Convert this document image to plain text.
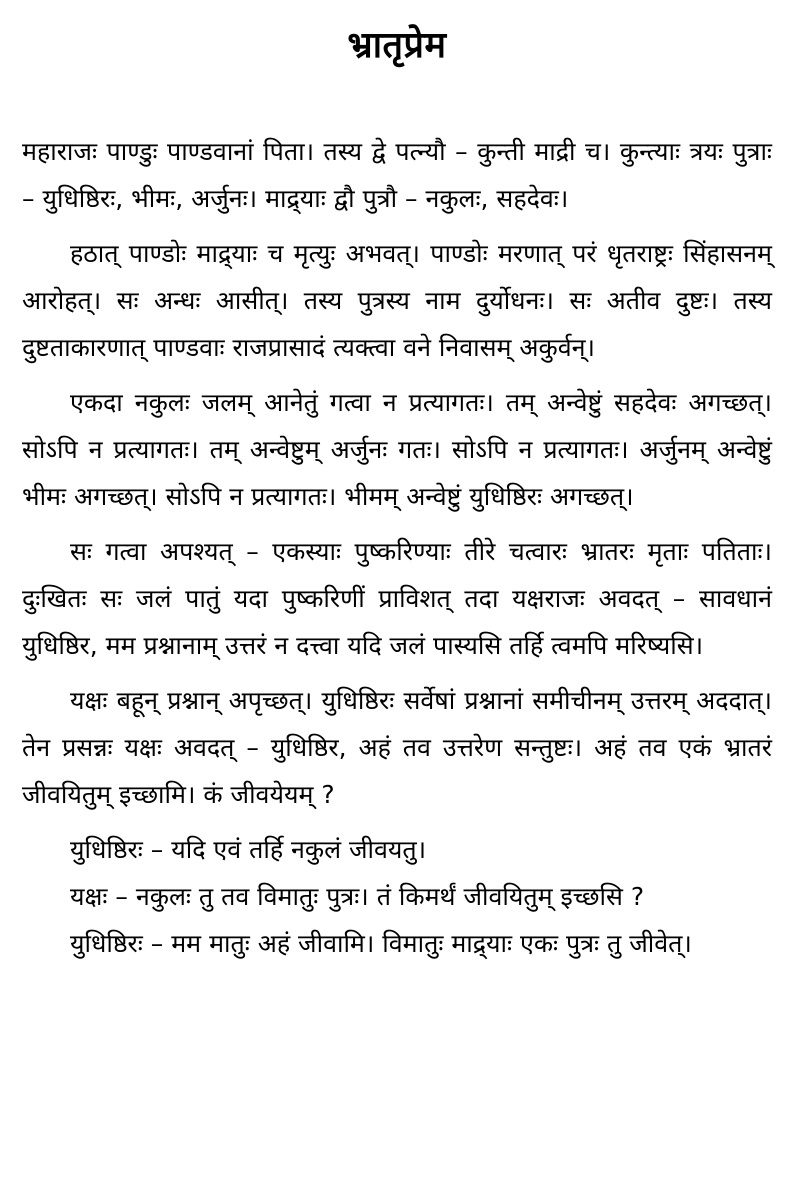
भ्रातृप्रेम

महाराजः पाण्डुः पाण्डवानां पिता। तस्य द्वे पत्न्यौ – कुन्ती माद्री च। कुन्त्याः त्रयः पुत्राः – युधिष्ठिरः, भीमः, अर्जुनः। माद्र्याः द्वौ पुत्रौ – नकुलः, सहदेवः।

हठात् पाण्डोः माद्र्याः च मृत्युः अभवत्। पाण्डोः मरणात् परं धृतराष्ट्रः सिंहासनम् आरोहत्। सः अन्धः आसीत्। तस्य पुत्रस्य नाम दुर्योधनः। सः अतीव दुष्टः। तस्य दुष्टताकारणात् पाण्डवाः राजप्रासादं त्यक्त्वा वने निवासम् अकुर्वन्।

एकदा नकुलः जलम् आनेतुं गत्वा न प्रत्यागतः। तम् अन्वेष्टुं सहदेवः अगच्छत्। सोऽपि न प्रत्यागतः। तम् अन्वेष्टुम् अर्जुनः गतः। सोऽपि न प्रत्यागतः। अर्जुनम् अन्वेष्टुं भीमः अगच्छत्। सोऽपि न प्रत्यागतः। भीमम् अन्वेष्टुं युधिष्ठिरः अगच्छत्।

सः गत्वा अपश्यत् – एकस्याः पुष्करिण्याः तीरे चत्वारः भ्रातरः मृताः पतिताः। दुःखितः सः जलं पातुं यदा पुष्करिणीं प्राविशत् तदा यक्षराजः अवदत् – सावधानं युधिष्ठिर, मम प्रश्नानाम् उत्तरं न दत्त्वा यदि जलं पास्यसि तर्हि त्वमपि मरिष्यसि।

यक्षः बहून् प्रश्नान् अपृच्छत्। युधिष्ठिरः सर्वेषां प्रश्नानां समीचीनम् उत्तरम् अददात्। तेन प्रसन्नः यक्षः अवदत् – युधिष्ठिर, अहं तव उत्तरेण सन्तुष्टः। अहं तव एकं भ्रातरं जीवयितुम् इच्छामि। कं जीवयेयम् ?

युधिष्ठिरः – यदि एवं तर्हि नकुलं जीवयतु।

यक्षः – नकुलः तु तव विमातुः पुत्रः। तं किमर्थं जीवयितुम् इच्छसि ?

युधिष्ठिरः – मम मातुः अहं जीवामि। विमातुः माद्र्याः एकः पुत्रः तु जीवेत्।
